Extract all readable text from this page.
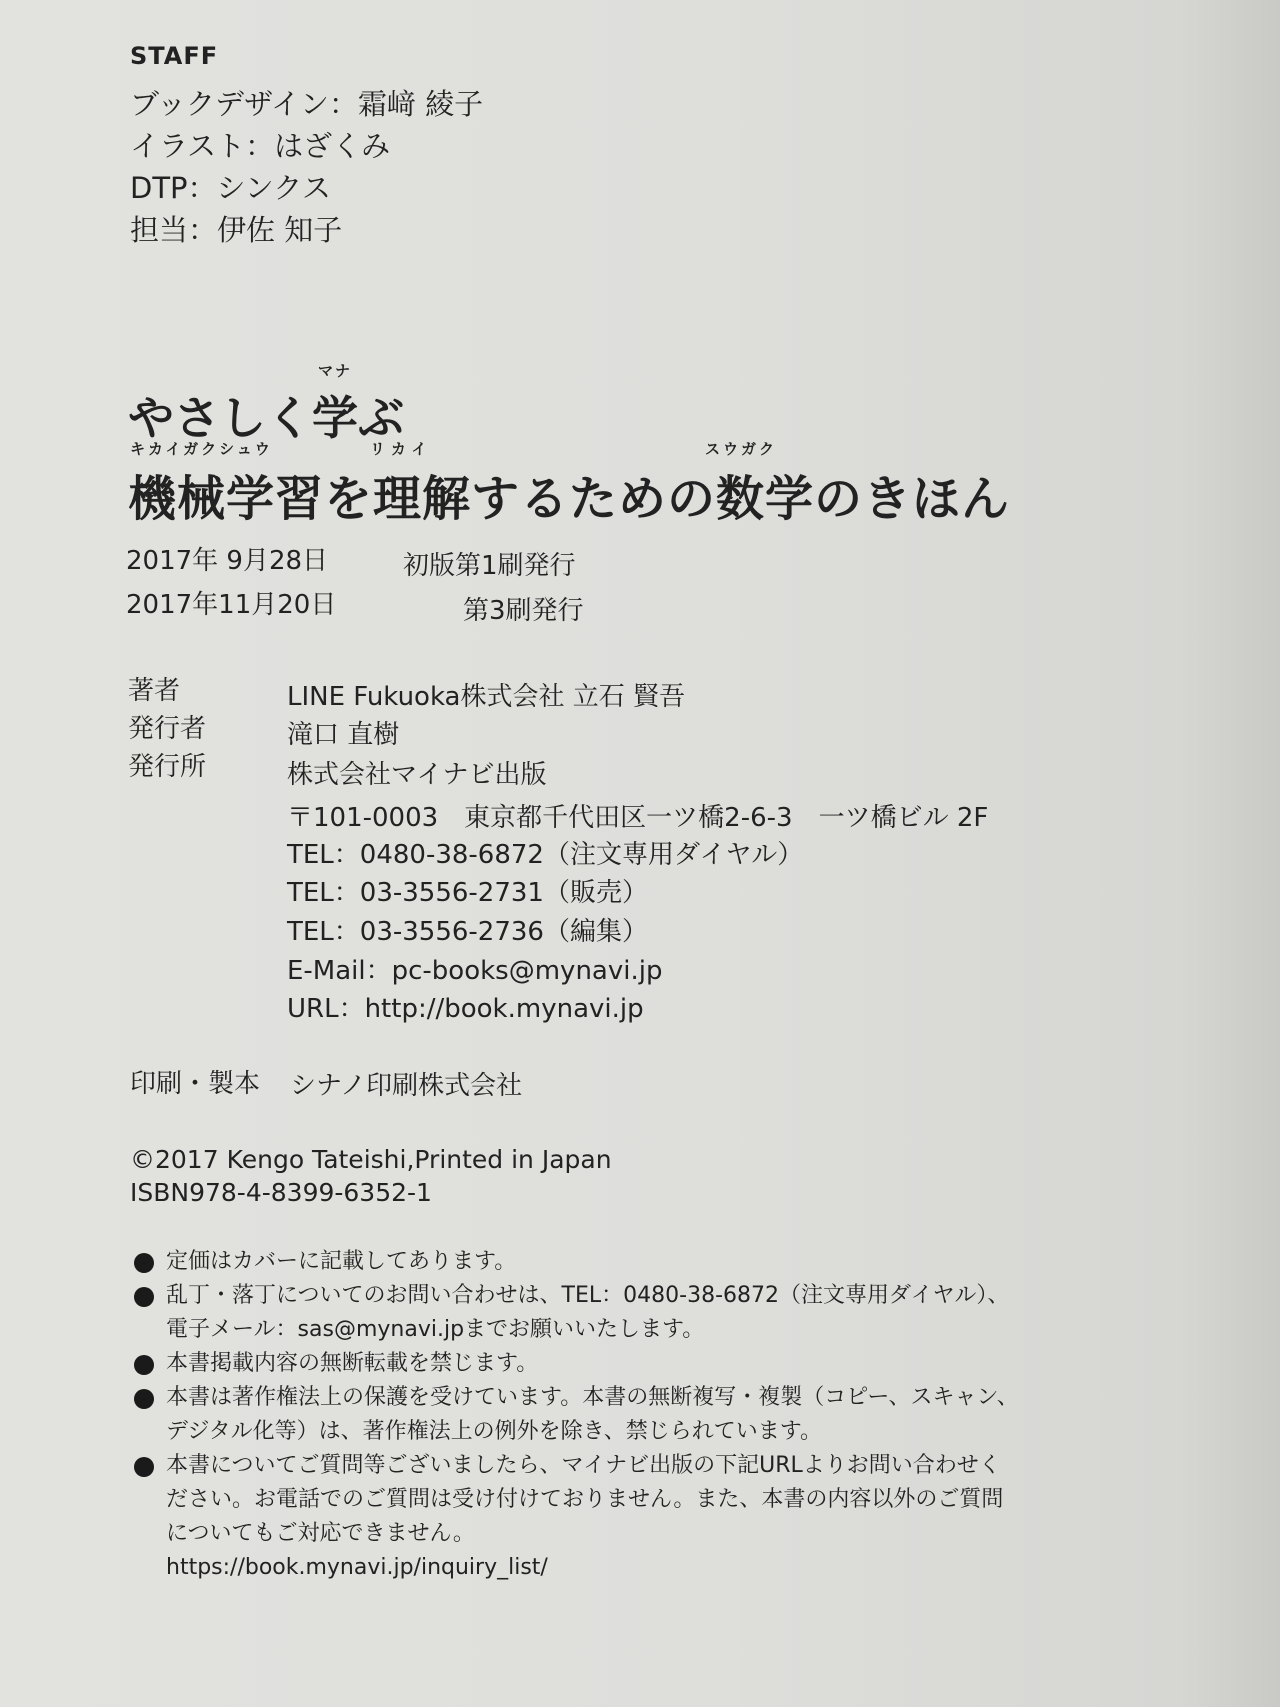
STAFF
ブックデザイン：霜﨑 綾子
イラスト：はざくみ
DTP：シンクス
担当：伊佐 知子
マナ
やさしく学ぶ
キカイガクシュウ	リカイ	スウガク
機械学習を理解するための数学のきほん
2017年 9月28日	初版第1刷発行
2017年11月20日	第3刷発行
著者	LINE Fukuoka株式会社 立石 賢吾
発行者	滝口 直樹
発行所	株式会社マイナビ出版
〒101-0003　東京都千代田区一ツ橋2-6-3　一ツ橋ビル 2F
TEL：0480-38-6872（注文専用ダイヤル）
TEL：03-3556-2731（販売）
TEL：03-3556-2736（編集）
E-Mail：pc-books@mynavi.jp
URL：http://book.mynavi.jp
印刷・製本 シナノ印刷株式会社
©2017 Kengo Tateishi,Printed in Japan
ISBN978-4-8399-6352-1
定価はカバーに記載してあります。
乱丁・落丁についてのお問い合わせは、TEL：0480-38-6872（注文専用ダイヤル）、
電子メール：sas@mynavi.jpまでお願いいたします。
本書掲載内容の無断転載を禁じます。
本書は著作権法上の保護を受けています。本書の無断複写・複製（コピー、スキャン、
デジタル化等）は、著作権法上の例外を除き、禁じられています。
本書についてご質問等ございましたら、マイナビ出版の下記URLよりお問い合わせく
ださい。お電話でのご質問は受け付けておりません。また、本書の内容以外のご質問
についてもご対応できません。
https://book.mynavi.jp/inquiry_list/
